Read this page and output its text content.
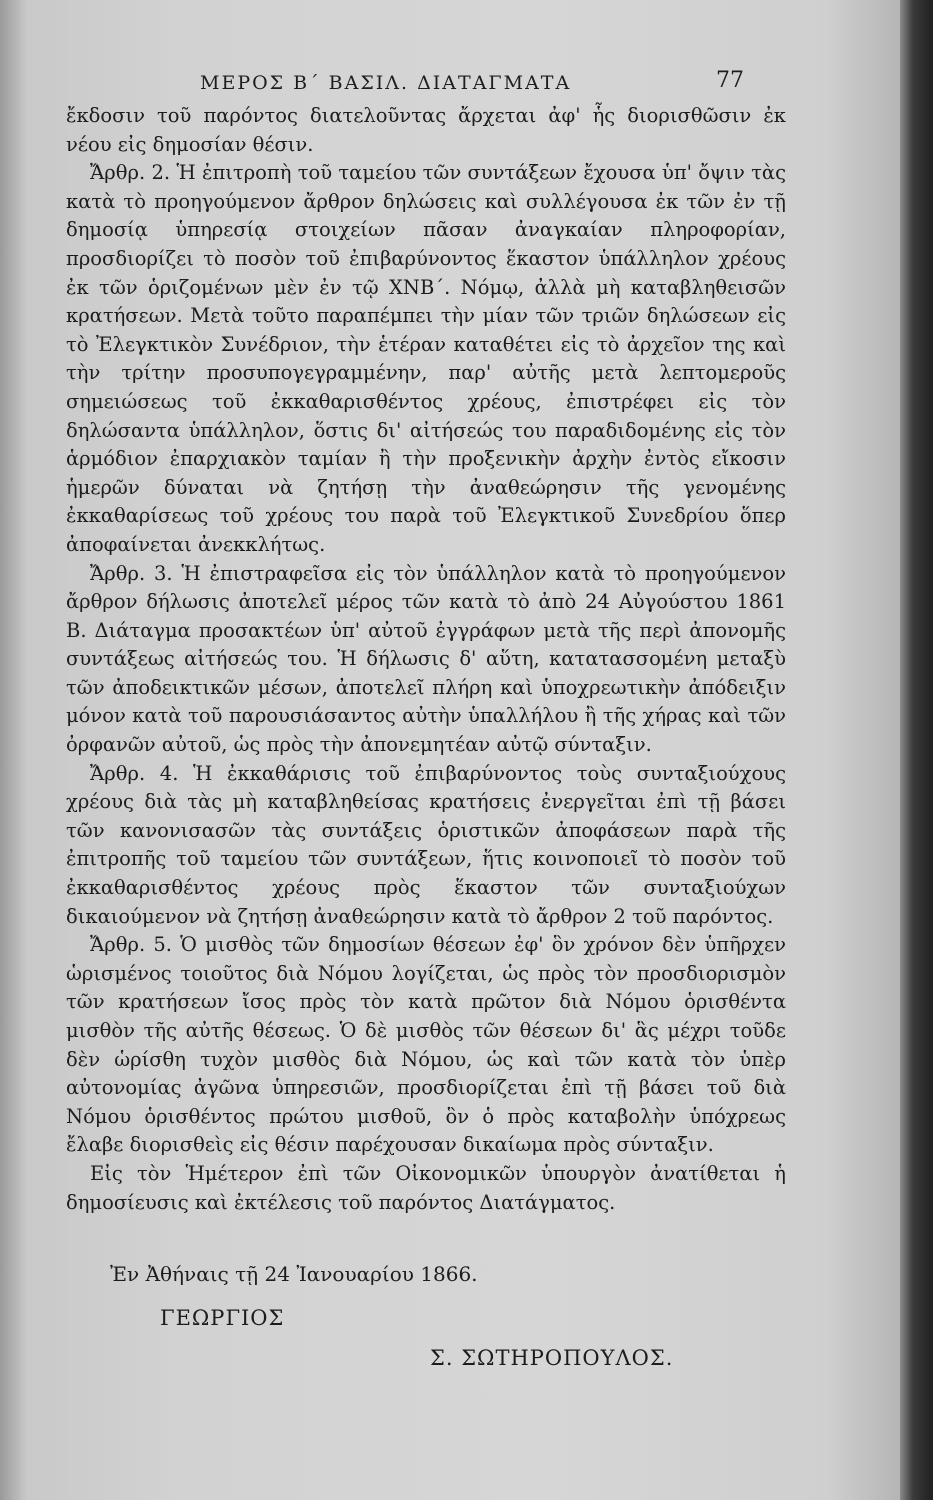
ΜΕΡΟΣ Β΄ ΒΑΣΙΛ. ΔΙΑΤΑΓΜΑΤΑ	77

ἔκδοσιν τοῦ παρόντος διατελοῦντας ἄρχεται ἀφ' ἧς διορισθῶσιν ἐκ νέου εἰς δημοσίαν θέσιν.

Ἄρθρ. 2. Ἡ ἐπιτροπὴ τοῦ ταμείου τῶν συντάξεων ἔχουσα ὑπ' ὄψιν τὰς κατὰ τὸ προηγούμενον ἄρθρον δηλώσεις καὶ συλλέγουσα ἐκ τῶν ἐν τῇ δημοσίᾳ ὑπηρεσίᾳ στοιχείων πᾶσαν ἀναγκαίαν πληροφορίαν, προσδιορίζει τὸ ποσὸν τοῦ ἐπιβαρύνοντος ἕκαστον ὑπάλληλον χρέους ἐκ τῶν ὁριζομένων μὲν ἐν τῷ ΧΝΒ΄. Νόμῳ, ἀλλὰ μὴ καταβληθεισῶν κρατήσεων. Μετὰ τοῦτο παραπέμπει τὴν μίαν τῶν τριῶν δηλώσεων εἰς τὸ Ἐλεγκτικὸν Συνέδριον, τὴν ἑτέραν καταθέτει εἰς τὸ ἀρχεῖον της καὶ τὴν τρίτην προσυπογεγραμμένην, παρ' αὐτῆς μετὰ λεπτομεροῦς σημειώσεως τοῦ ἐκκαθαρισθέντος χρέους, ἐπιστρέφει εἰς τὸν δηλώσαντα ὑπάλληλον, ὅστις δι' αἰτήσεώς του παραδιδομένης εἰς τὸν ἁρμόδιον ἐπαρχιακὸν ταμίαν ἢ τὴν προξενικὴν ἀρχὴν ἐντὸς εἴκοσιν ἡμερῶν δύναται νὰ ζητήσῃ τὴν ἀναθεώρησιν τῆς γενομένης ἐκκαθαρίσεως τοῦ χρέους του παρὰ τοῦ Ἐλεγκτικοῦ Συνεδρίου ὅπερ ἀποφαίνεται ἀνεκκλήτως.

Ἄρθρ. 3. Ἡ ἐπιστραφεῖσα εἰς τὸν ὑπάλληλον κατὰ τὸ προηγούμενον ἄρθρον δήλωσις ἀποτελεῖ μέρος τῶν κατὰ τὸ ἀπὸ 24 Αὐγούστου 1861 Β. Διάταγμα προσακτέων ὑπ' αὐτοῦ ἐγγράφων μετὰ τῆς περὶ ἀπονομῆς συντάξεως αἰτήσεώς του. Ἡ δήλωσις δ' αὕτη, κατατασσομένη μεταξὺ τῶν ἀποδεικτικῶν μέσων, ἀποτελεῖ πλήρη καὶ ὑποχρεωτικὴν ἀπόδειξιν μόνον κατὰ τοῦ παρουσιάσαντος αὐτὴν ὑπαλλήλου ἢ τῆς χήρας καὶ τῶν ὀρφανῶν αὐτοῦ, ὡς πρὸς τὴν ἀπονεμητέαν αὐτῷ σύνταξιν.

Ἄρθρ. 4. Ἡ ἐκκαθάρισις τοῦ ἐπιβαρύνοντος τοὺς συνταξιούχους χρέους διὰ τὰς μὴ καταβληθείσας κρατήσεις ἐνεργεῖται ἐπὶ τῇ βάσει τῶν κανονισασῶν τὰς συντάξεις ὁριστικῶν ἀποφάσεων παρὰ τῆς ἐπιτροπῆς τοῦ ταμείου τῶν συντάξεων, ἥτις κοινοποιεῖ τὸ ποσὸν τοῦ ἐκκαθαρισθέντος χρέους πρὸς ἕκαστον τῶν συνταξιούχων δικαιούμενον νὰ ζητήσῃ ἀναθεώρησιν κατὰ τὸ ἄρθρον 2 τοῦ παρόντος.

Ἄρθρ. 5. Ὁ μισθὸς τῶν δημοσίων θέσεων ἐφ' ὃν χρόνον δὲν ὑπῆρχεν ὡρισμένος τοιοῦτος διὰ Νόμου λογίζεται, ὡς πρὸς τὸν προσδιορισμὸν τῶν κρατήσεων ἴσος πρὸς τὸν κατὰ πρῶτον διὰ Νόμου ὁρισθέντα μισθὸν τῆς αὐτῆς θέσεως. Ὁ δὲ μισθὸς τῶν θέσεων δι' ἃς μέχρι τοῦδε δὲν ὡρίσθη τυχὸν μισθὸς διὰ Νόμου, ὡς καὶ τῶν κατὰ τὸν ὑπὲρ αὐτονομίας ἀγῶνα ὑπηρεσιῶν, προσδιορίζεται ἐπὶ τῇ βάσει τοῦ διὰ Νόμου ὁρισθέντος πρώτου μισθοῦ, ὃν ὁ πρὸς καταβολὴν ὑπόχρεως ἔλαβε διορισθεὶς εἰς θέσιν παρέχουσαν δικαίωμα πρὸς σύνταξιν.

Εἰς τὸν Ἡμέτερον ἐπὶ τῶν Οἰκονομικῶν ὑπουργὸν ἀνατίθεται ἡ δημοσίευσις καὶ ἐκτέλεσις τοῦ παρόντος Διατάγματος.

Ἐν Ἀθήναις τῇ 24 Ἰανουαρίου 1866.
ΓΕΩΡΓΙΟΣ
Σ. ΣΩΤΗΡΟΠΟΥΛΟΣ.
